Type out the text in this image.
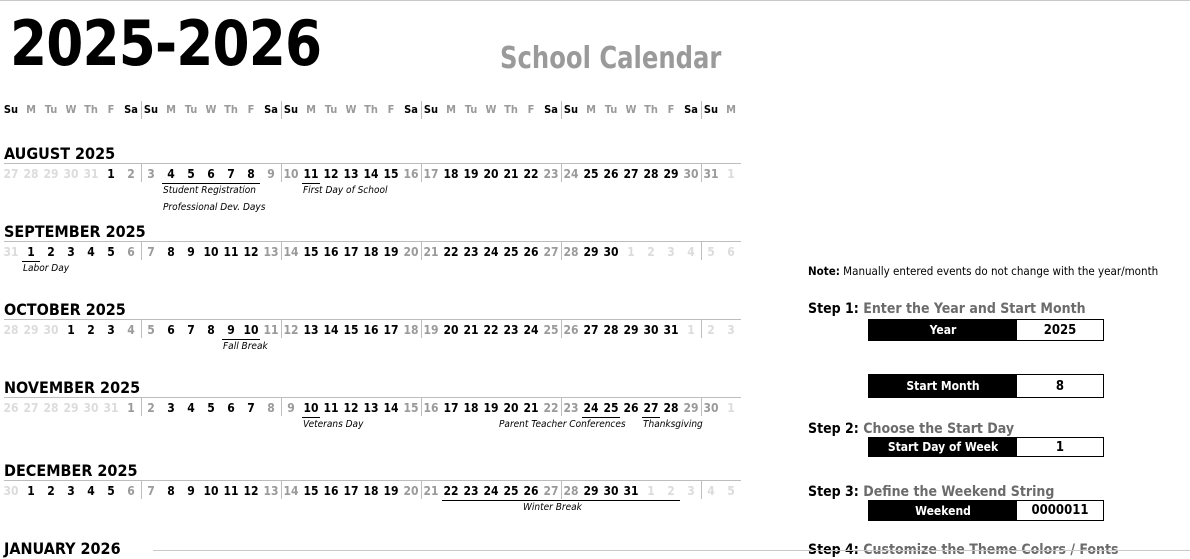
2025-2026	School Calendar
Su M Tu W Th F Sa Su M Tu W Th F Sa Su M Tu W Th F Sa Su M Tu W Th F Sa Su M Tu W Th F Sa Su M
AUGUST 2025
27 28 29 30 31 1	2	3	4	5	6	7	8	9 10 11 12 13 14 15 16 17 18 19 20 21 22 23 24 25 26 27 28 29 30 31 1
Student Registration
Professional Dev. Days
First Day of School
SEPTEMBER 2025
31 1	2	3	4	5	6	7	8	9 10 11 12 13 14 15 16 17 18 19 20 21 22 23 24 25 26 27 28 29 30 1	2	3	4	5	6
Labor Day
OCTOBER 2025
28 29 30 1	2	3	4	5	6	7	8	9 10 11 12 13 14 15 16 17 18 19 20 21 22 23 24 25 26 27 28 29 30 31 1	2	3
Fall Break
NOVEMBER 2025
26 27 28 29 30 31 1	2	3	4	5	6	7	8	9 10 11 12 13 14 15 16 17 18 19 20 21 22 23 24 25 26 27 28 29 30 1
Veterans Day	Parent Teacher Conferences Thanksgiving
DECEMBER 2025
30 1	2	3	4	5	6	7	8	9 10 11 12 13 14 15 16 17 18 19 20 21 22 23 24 25 26 27 28 29 30 31 1	2	3	4	5
Winter Break
JANUARY 2026
Note: Manually entered events do not change with the year/month
Step 1: Enter the Year and Start Month
Year	2025
Start Month	8
Step 2: Choose the Start Day
Start Day of Week	1
Step 3: Define the Weekend String
Weekend	0000011
Step 4: Customize the Theme Colors / Fonts
